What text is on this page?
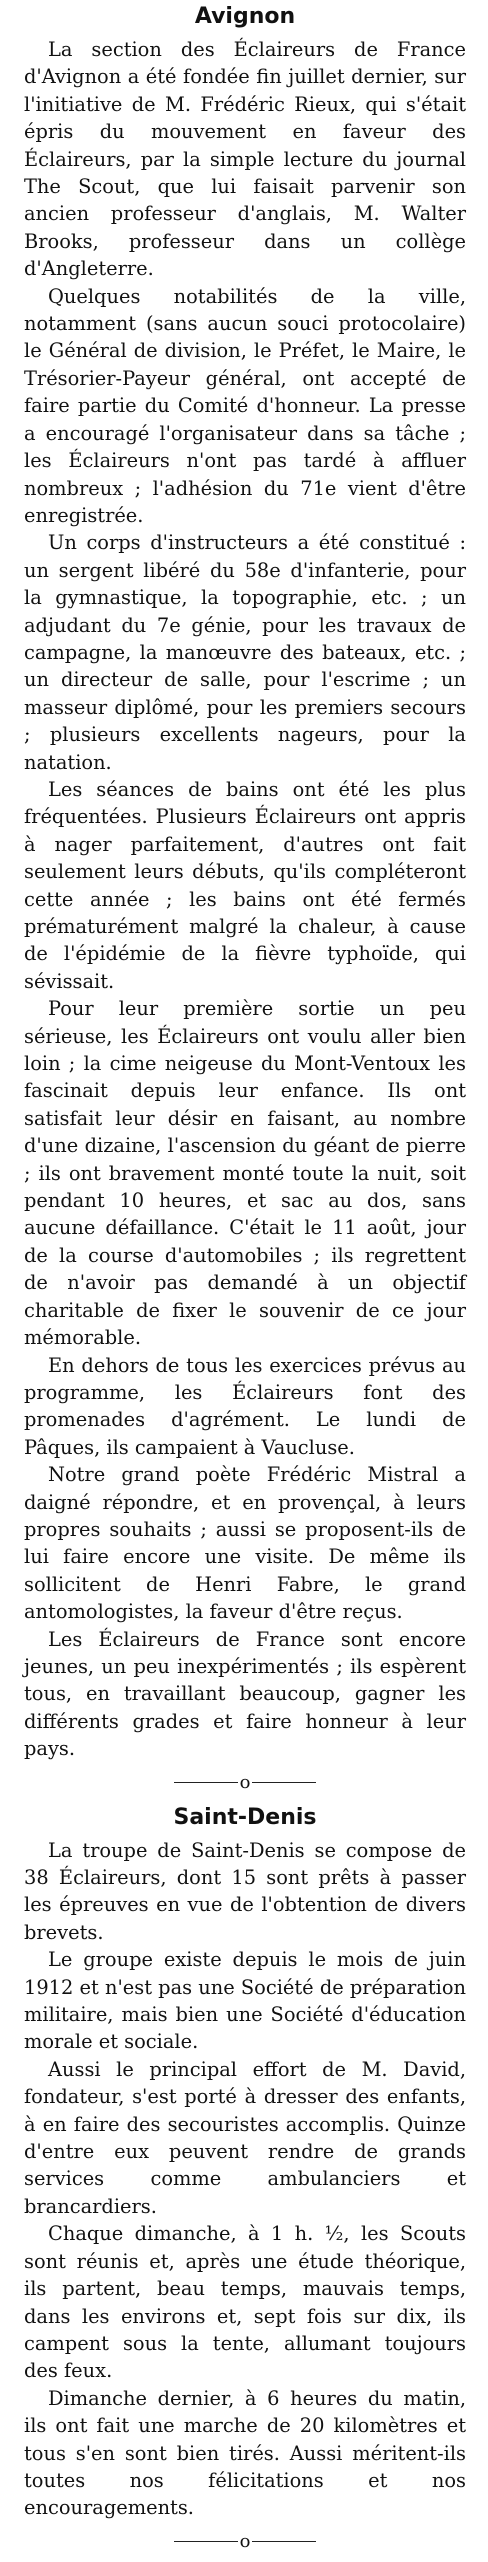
Avignon

La section des Éclaireurs de France d'Avignon a été fondée fin juillet dernier, sur l'initiative de M. Frédéric Rieux, qui s'était épris du mouvement en faveur des Éclaireurs, par la simple lecture du journal The Scout, que lui faisait parvenir son ancien professeur d'anglais, M. Walter Brooks, professeur dans un collège d'Angleterre.

Quelques notabilités de la ville, notamment (sans aucun souci protocolaire) le Général de division, le Préfet, le Maire, le Trésorier-Payeur général, ont accepté de faire partie du Comité d'honneur. La presse a encouragé l'organisateur dans sa tâche ; les Éclaireurs n'ont pas tardé à affluer nombreux ; l'adhésion du 71e vient d'être enregistrée.

Un corps d'instructeurs a été constitué : un sergent libéré du 58e d'infanterie, pour la gymnastique, la topographie, etc. ; un adjudant du 7e génie, pour les travaux de campagne, la manœuvre des bateaux, etc. ; un directeur de salle, pour l'escrime ; un masseur diplômé, pour les premiers secours ; plusieurs excellents nageurs, pour la natation.

Les séances de bains ont été les plus fréquentées. Plusieurs Éclaireurs ont appris à nager parfaitement, d'autres ont fait seulement leurs débuts, qu'ils compléteront cette année ; les bains ont été fermés prématurément malgré la chaleur, à cause de l'épidémie de la fièvre typhoïde, qui sévissait.

Pour leur première sortie un peu sérieuse, les Éclaireurs ont voulu aller bien loin ; la cime neigeuse du Mont-Ventoux les fascinait depuis leur enfance. Ils ont satisfait leur désir en faisant, au nombre d'une dizaine, l'ascension du géant de pierre ; ils ont bravement monté toute la nuit, soit pendant 10 heures, et sac au dos, sans aucune défaillance. C'était le 11 août, jour de la course d'automobiles ; ils regrettent de n'avoir pas demandé à un objectif charitable de fixer le souvenir de ce jour mémorable.

En dehors de tous les exercices prévus au programme, les Éclaireurs font des promenades d'agrément. Le lundi de Pâques, ils campaient à Vaucluse.

Notre grand poète Frédéric Mistral a daigné répondre, et en provençal, à leurs propres souhaits ; aussi se proposent-ils de lui faire encore une visite. De même ils sollicitent de Henri Fabre, le grand antomologistes, la faveur d'être reçus.

Les Éclaireurs de France sont encore jeunes, un peu inexpérimentés ; ils espèrent tous, en travaillant beaucoup, gagner les différents grades et faire honneur à leur pays.

o
Saint-Denis

La troupe de Saint-Denis se compose de 38 Éclaireurs, dont 15 sont prêts à passer les épreuves en vue de l'obtention de divers brevets.

Le groupe existe depuis le mois de juin 1912 et n'est pas une Société de préparation militaire, mais bien une Société d'éducation morale et sociale.

Aussi le principal effort de M. David, fondateur, s'est porté à dresser des enfants, à en faire des secouristes accomplis. Quinze d'entre eux peuvent rendre de grands services comme ambulanciers et brancardiers.

Chaque dimanche, à 1 h. ½, les Scouts sont réunis et, après une étude théorique, ils partent, beau temps, mauvais temps, dans les environs et, sept fois sur dix, ils campent sous la tente, allumant toujours des feux.

Dimanche dernier, à 6 heures du matin, ils ont fait une marche de 20 kilomètres et tous s'en sont bien tirés. Aussi méritent-ils toutes nos félicitations et nos encouragements.

o
